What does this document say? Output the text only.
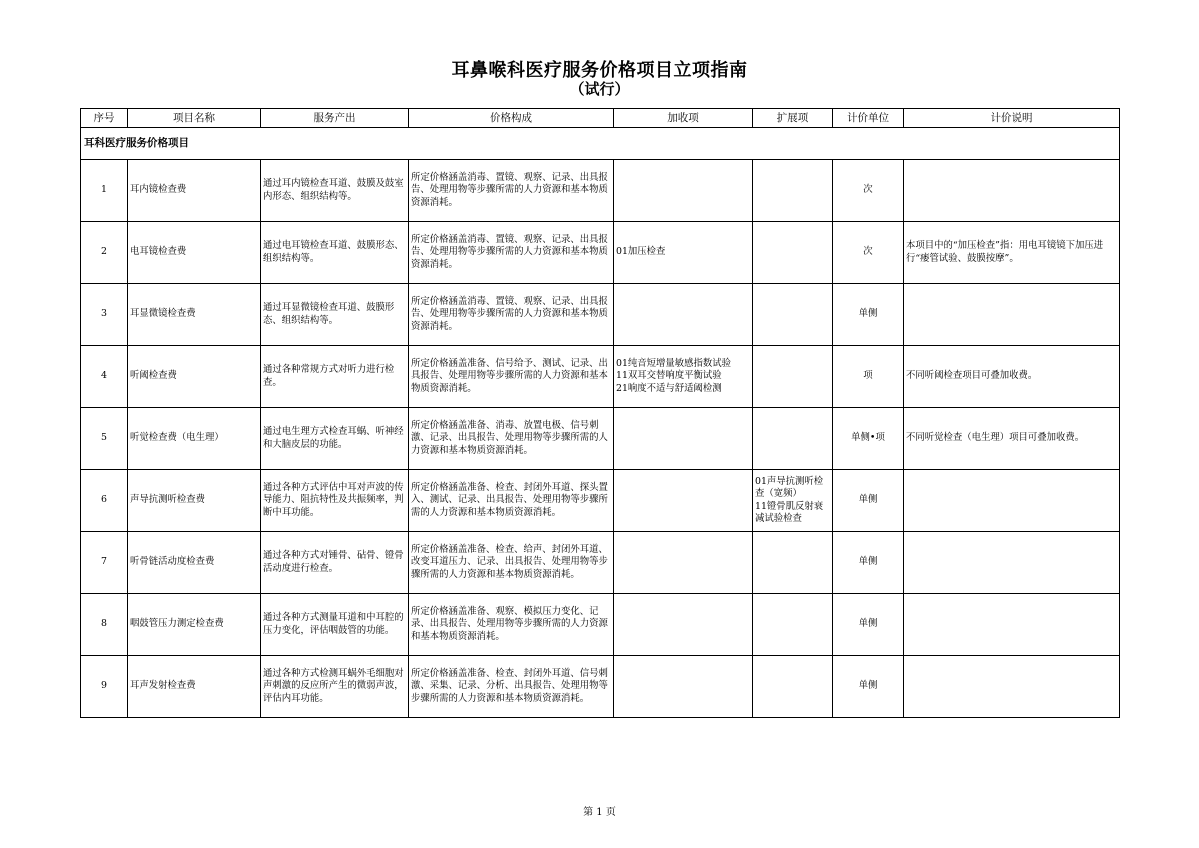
耳鼻喉科医疗服务价格项目立项指南
（试行）
序号	项目名称	服务产出	价格构成	加收项	扩展项	计价单位	计价说明
耳科医疗服务价格项目							
1	耳内镜检查费	通过耳内镜检查耳道、鼓膜及鼓室内形态、组织结构等。	所定价格涵盖消毒、置镜、观察、记录、出具报告、处理用物等步骤所需的人力资源和基本物质资源消耗。			次	
2	电耳镜检查费	通过电耳镜检查耳道、鼓膜形态、组织结构等。	所定价格涵盖消毒、置镜、观察、记录、出具报告、处理用物等步骤所需的人力资源和基本物质资源消耗。	01加压检查		次	本项目中的“加压检查”指：用电耳镜镜下加压进行“瘘管试验、鼓膜按摩”。
3	耳显微镜检查费	通过耳显微镜检查耳道、鼓膜形态、组织结构等。	所定价格涵盖消毒、置镜、观察、记录、出具报告、处理用物等步骤所需的人力资源和基本物质资源消耗。			单侧	
4	听阈检查费	通过各种常规方式对听力进行检查。	所定价格涵盖准备、信号给予、测试、记录、出具报告、处理用物等步骤所需的人力资源和基本物质资源消耗。	01纯音短增量敏感指数试验
11双耳交替响度平衡试验
21响度不适与舒适阈检测		项	不同听阈检查项目可叠加收费。
5	听觉检查费（电生理）	通过电生理方式检查耳蜗、听神经和大脑皮层的功能。	所定价格涵盖准备、消毒、放置电极、信号刺激、记录、出具报告、处理用物等步骤所需的人力资源和基本物质资源消耗。			单侧•项	不同听觉检查（电生理）项目可叠加收费。
6	声导抗测听检查费	通过各种方式评估中耳对声波的传导能力、阻抗特性及共振频率，判断中耳功能。	所定价格涵盖准备、检查、封闭外耳道、探头置入、测试、记录、出具报告、处理用物等步骤所需的人力资源和基本物质资源消耗。		01声导抗测听检查（宽频）
11镫骨肌反射衰减试验检查	单侧	
7	听骨链活动度检查费	通过各种方式对锤骨、砧骨、镫骨活动度进行检查。	所定价格涵盖准备、检查、给声、封闭外耳道、改变耳道压力、记录、出具报告、处理用物等步骤所需的人力资源和基本物质资源消耗。			单侧	
8	咽鼓管压力测定检查费	通过各种方式测量耳道和中耳腔的压力变化，评估咽鼓管的功能。	所定价格涵盖准备、观察、模拟压力变化、记录、出具报告、处理用物等步骤所需的人力资源和基本物质资源消耗。			单侧	
9	耳声发射检查费	通过各种方式检测耳蜗外毛细胞对声刺激的反应所产生的微弱声波，评估内耳功能。	所定价格涵盖准备、检查、封闭外耳道、信号刺激、采集、记录、分析、出具报告、处理用物等步骤所需的人力资源和基本物质资源消耗。			单侧	
第 1 页
